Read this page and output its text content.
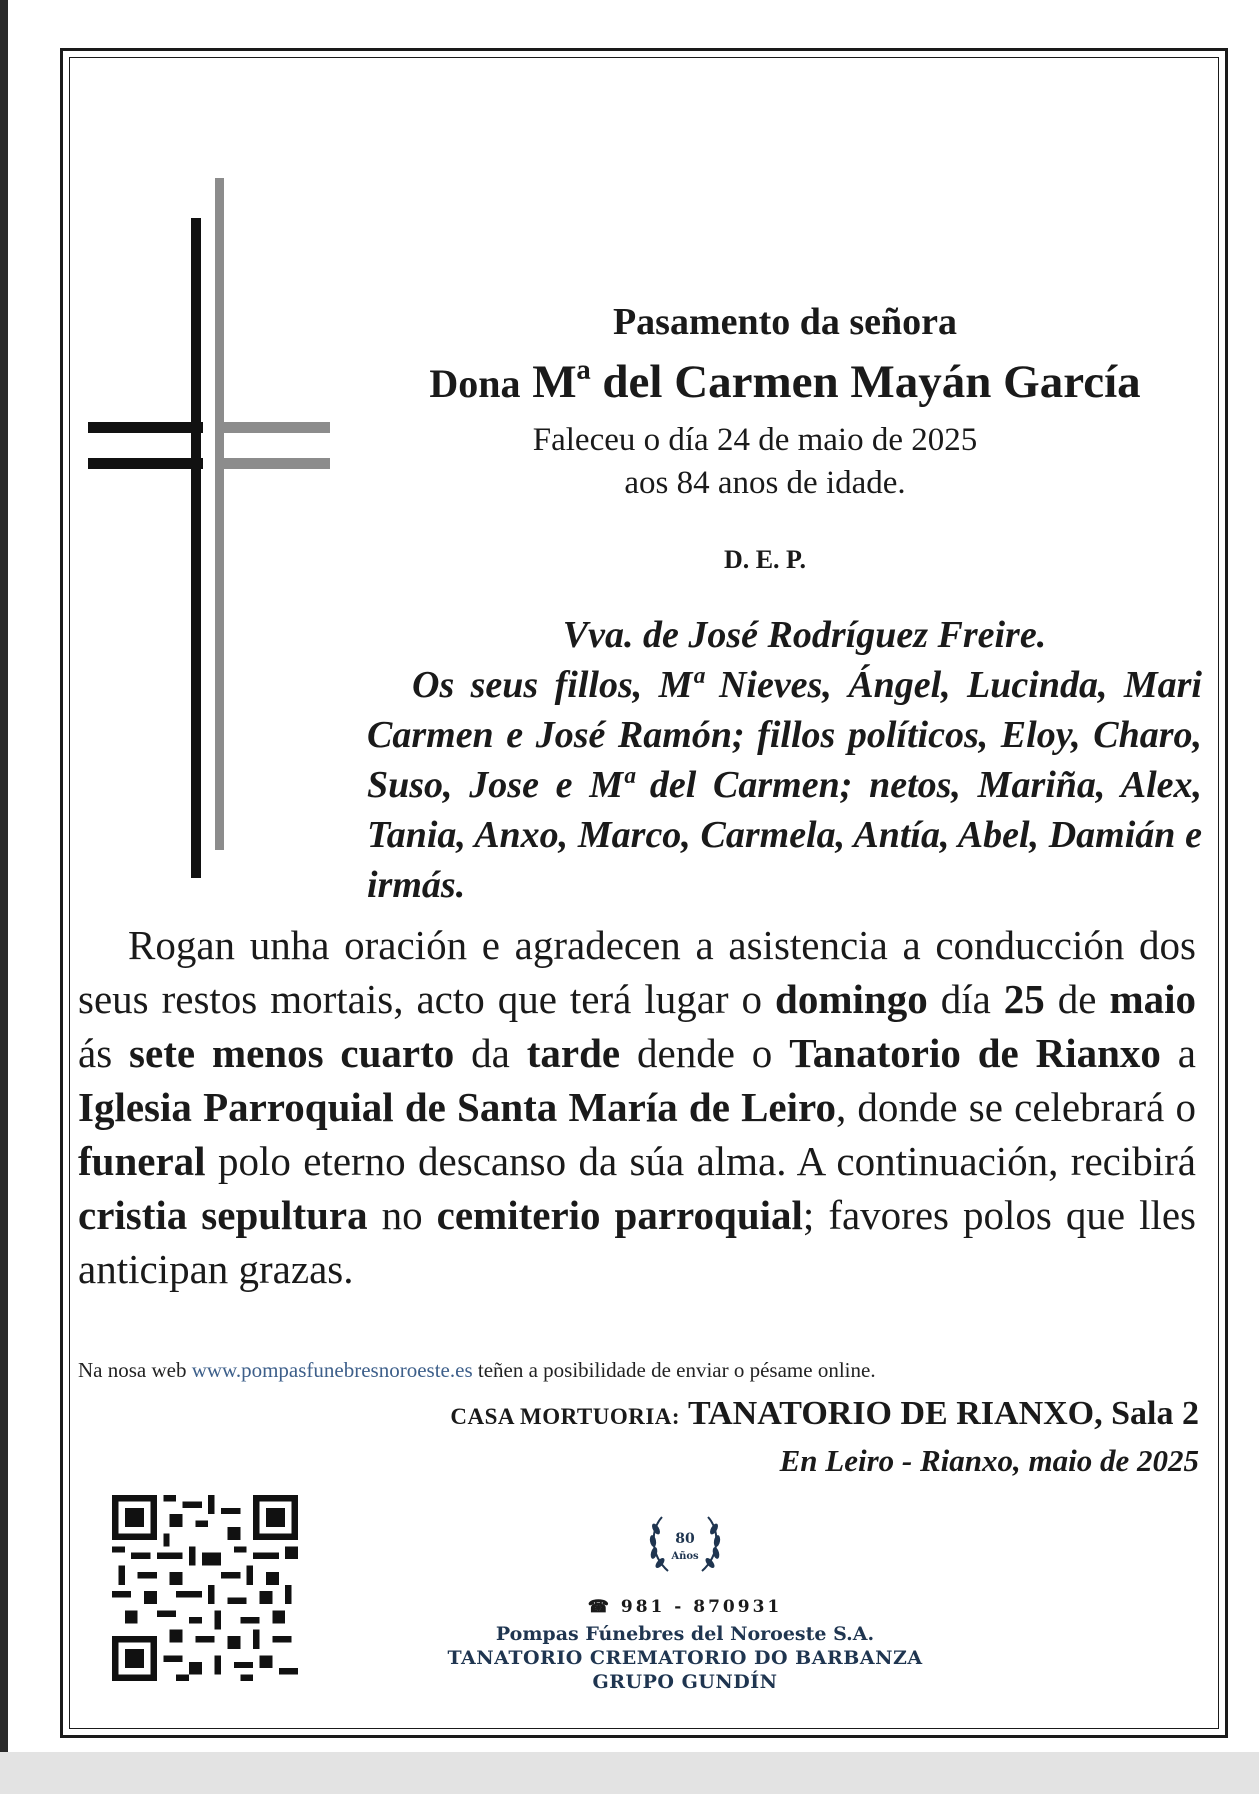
Pasamento da señora
Dona Mª del Carmen Mayán García
Faleceu o día 24 de maio de 2025
aos 84 anos de idade.
D. E. P.
Vva. de José Rodríguez Freire.
Os seus fillos, Mª Nieves, Ángel, Lucinda, Mari Carmen e José Ramón; fillos políticos, Eloy, Charo, Suso, Jose e Mª del Carmen; netos, Mariña, Alex, Tania, Anxo, Marco, Carmela, Antía, Abel, Damián e irmás.
Rogan unha oración e agradecen a asistencia a conducción dos seus restos mortais, acto que terá lugar o domingo día 25 de maio ás sete menos cuarto da tarde dende o Tanatorio de Rianxo a Iglesia Parroquial de Santa María de Leiro, donde se celebrará o funeral polo eterno descanso da súa alma. A continuación, recibirá cristia sepultura no cemiterio parroquial; favores polos que lles anticipan grazas.
Na nosa web www.pompasfunebresnoroeste.es teñen a posibilidade de enviar o pésame online.
CASA MORTUORIA: TANATORIO DE RIANXO, Sala 2
En Leiro - Rianxo, maio de 2025
80
Años
☎ 981 - 870931
Pompas Fúnebres del Noroeste S.A.
TANATORIO CREMATORIO DO BARBANZA
GRUPO GUNDÍN
